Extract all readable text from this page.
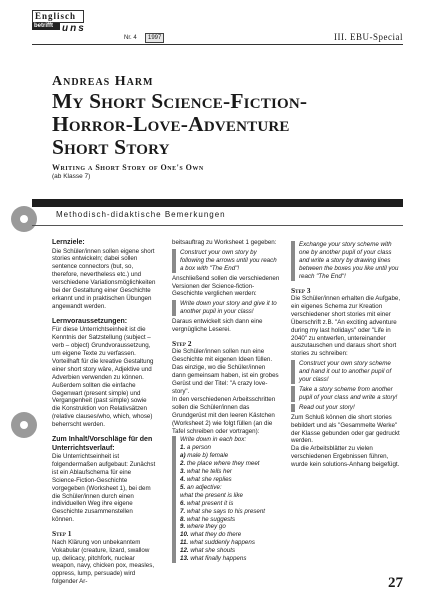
Englisch
betrifft uns
Nr. 4	1997	III. EBU-Special
Andreas Harm
My Short Science-Fiction-
Horror-Love-Adventure
Short Story
Writing a Short Story of One's Own
(ab Klasse 7)
Methodisch-didaktische Bemerkungen

Lernziele:

Die Schüler/innen sollen eigene short stories entwickeln; dabei sollen sentence connectors (but, so, therefore, nevertheless etc.) und verschiedene Variationsmöglichkeiten bei der Gestaltung einer Geschichte erkannt und in praktischen Übungen angewandt werden.

Lernvoraussetzungen:

Für diese Unterrichtseinheit ist die Kenntnis der Satzstellung (subject – verb – object) Grundvoraussetzung, um eigene Texte zu verfassen. Vorteilhaft für die kreative Gestaltung einer short story wäre, Adjektive und Adverbien verwenden zu können. Außerdem sollten die einfache Gegenwart (present simple) und Vergangenheit (past simple) sowie die Konstruktion von Relativsätzen (relative clauses/who, which, whose) beherrscht werden.

Zum Inhalt/Vorschläge für den Unterrichtsverlauf:

Die Unterrichtseinheit ist folgendermaßen aufgebaut: Zunächst ist ein Ablaufschema für eine Science-Fiction-Geschichte vorgegeben (Worksheet 1), bei dem die Schüler/innen durch einen individuellen Weg ihre eigene Geschichte zusammenstellen können.

Step 1

Nach Klärung von unbekanntem Vokabular (creature, lizard, swallow up, delicacy, pitchfork, nuclear weapon, navy, chicken pox, measles, oppress, lump, persuade) wird folgender Ar-

beitsauftrag zu Worksheet 1 gegeben:

Construct your own story by following the arrows until you reach a box with "The End"!

Anschließend sollen die verschiedenen Versionen der Science-fiction-Geschichte verglichen werden:

Write down your story and give it to another pupil in your class!

Daraus entwickelt sich dann eine vergnügliche Leserei.

Step 2

Die Schüler/innen sollen nun eine Geschichte mit eigenen Ideen füllen. Das einzige, wo die Schüler/innen dann gemeinsam haben, ist ein grobes Gerüst und der Titel: "A crazy love-story".

In den verschiedenen Arbeitsschritten sollen die Schüler/innen das Grundgerüst mit den leeren Kästchen (Worksheet 2) wie folgt füllen (an die Tafel schreiben oder vortragen):

Write down in each box:
1. a person
a) male b) female
2. the place where they meet
3. what he tells her
4. what she replies
5. an adjective:
what the present is like
6. what present it is
7. what she says to his present
8. what he suggests
9. where they go
10. what they do there
11. what suddenly happens
12. what she shouts
13. what finally happens

Exchange your story scheme with one by another pupil of your class and write a story by drawing lines between the boxes you like until you reach "The End"!

Step 3

Die Schüler/innen erhalten die Aufgabe, ein eigenes Schema zur Kreation verschiedener short stories mit einer Überschrift z.B. "An exciting adventure during my last holidays" oder "Life in 2040" zu entwerfen, untereinander auszutauschen und daraus short short stories zu schreiben:

Construct your own story scheme and hand it out to another pupil of your class!

Take a story scheme from another pupil of your class and write a story!

Read out your story!

Zum Schluß können die short stories bebildert und als "Gesammelte Werke" der Klasse gebunden oder gar gedruckt werden.

Da die Arbeitsblätter zu vielen verschiedenen Ergebnissen führen, wurde kein solutions-Anhang beigefügt.

27
